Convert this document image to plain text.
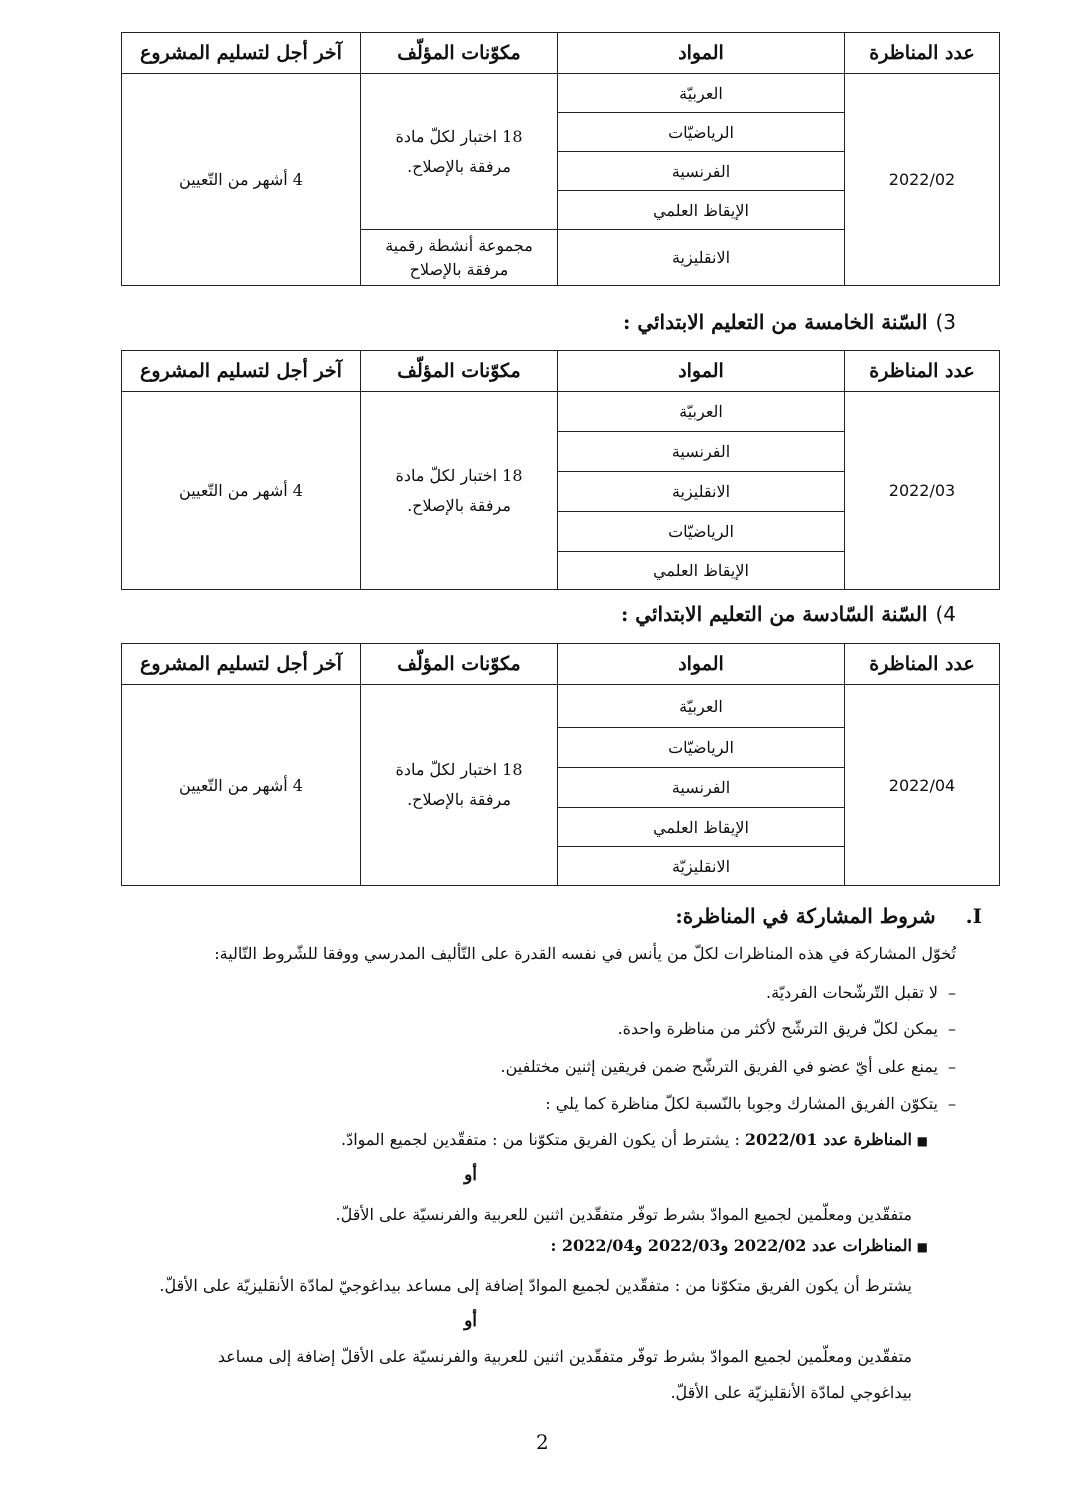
عدد المناظرة	المواد	مكوّنات المؤلّف	آخر أجل لتسليم المشروع
2022/02	العربيّة	18 اختبار لكلّ مادة
مرفقة بالإصلاح.	4 أشهر من التّعيين
	الرياضيّات		
	الفرنسية		
	الإيقاظ العلمي		
	الانقليزية	مجموعة أنشطة رقمية
مرفقة بالإصلاح	
3)السّنة الخامسة من التعليم الابتدائي :
عدد المناظرة	المواد	مكوّنات المؤلّف	آخر أجل لتسليم المشروع
2022/03	العربيّة	18 اختبار لكلّ مادة
مرفقة بالإصلاح.	4 أشهر من التّعيين
	الفرنسية		
	الانقليزية		
	الرياضيّات		
	الإيقاظ العلمي		
4)السّنة السّادسة من التعليم الابتدائي :
عدد المناظرة	المواد	مكوّنات المؤلّف	آخر أجل لتسليم المشروع
2022/04	العربيّة	18 اختبار لكلّ مادة
مرفقة بالإصلاح.	4 أشهر من التّعيين
	الرياضيّات		
	الفرنسية		
	الإيقاظ العلمي		
	الانقليزيّة		
I.شروط المشاركة في المناظرة:
تُخوّل المشاركة في هذه المناظرات لكلّ من يأنس في نفسه القدرة على التّأليف المدرسي ووفقا للشّروط التّالية:
–لا تقبل التّرشّحات الفرديّة.
–يمكن لكلّ فريق الترشّح لأكثر من مناظرة واحدة.
–يمنع على أيّ عضو في الفريق الترشّح ضمن فريقين إثنين مختلفين.
–يتكوّن الفريق المشارك وجوبا بالنّسبة لكلّ مناظرة كما يلي :
■
المناظرة عدد 2022/01 : يشترط أن يكون الفريق متكوّنا من : متفقّدين لجميع الموادّ.
أو
متفقّدين ومعلّمين لجميع الموادّ بشرط توفّر متفقّدين اثنين للعربية والفرنسيّة على الأقلّ.
■
المناظرات عدد 2022/02 و2022/03 و2022/04 :
يشترط أن يكون الفريق متكوّنا من : متفقّدين لجميع الموادّ إضافة إلى مساعد بيداغوجيّ لمادّة الأنقليزيّة على الأقلّ.
أو
متفقّدين ومعلّمين لجميع الموادّ بشرط توفّر متفقّدين اثنين للعربية والفرنسيّة على الأقلّ إضافة إلى مساعد
بيداغوجي لمادّة الأنقليزيّة على الأقلّ.
2
